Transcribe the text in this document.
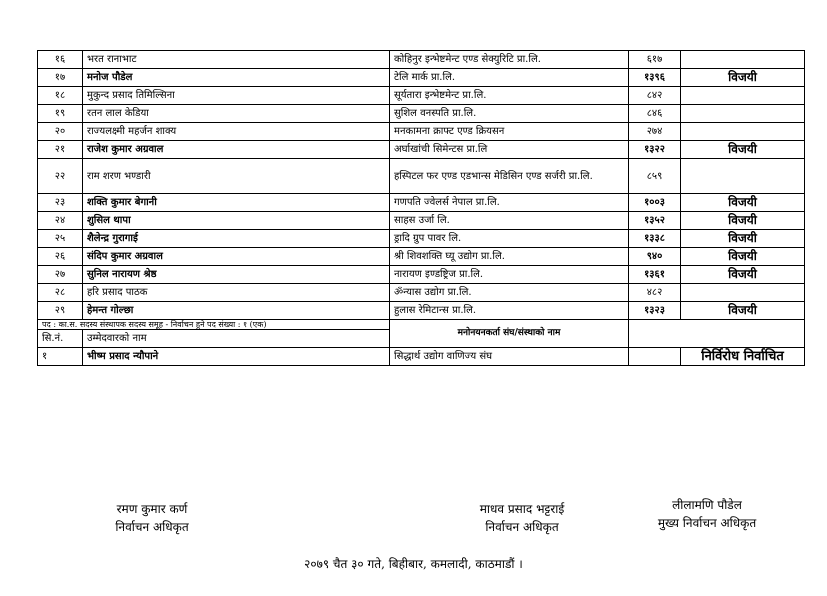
१६	भरत रानाभाट	कोहिनुर इन्भेष्टमेन्ट एण्ड सेक्युरिटि प्रा.लि.	६१७	
१७	मनोज पौडेल	टेलि मार्क प्रा.लि.	१३९६	विजयी
१८	मुकुन्द प्रसाद तिमिल्सिना	सूर्यतारा इन्भेष्टमेन्ट प्रा.लि.	८४२	
१९	रतन लाल केडिया	सुशिल वनस्पति प्रा.लि.	८४६	
२०	राज्यलक्ष्मी महर्जन शाक्य	मनकामना क्राफ्ट एण्ड क्रियसन	२७४	
२१	राजेश कुमार अग्रवाल	अर्घाखांची सिमेन्टस प्रा.लि	१३२२	विजयी
२२	राम शरण भण्डारी	हस्पिटल फर एण्ड एडभान्स मेडिसिन एण्ड सर्जरी प्रा.लि.	८५९	
२३	शक्ति कुमार बेगानी	गणपति ज्वेलर्स नेपाल प्रा.लि.	१००३	विजयी
२४	शुसिल थापा	साहस उर्जा लि.	१३५२	विजयी
२५	शैलेन्द्र गुरागाई	ड्रादि ग्रुप पावर लि.	१३३८	विजयी
२६	संदिप कुमार अग्रवाल	श्री शिवशक्ति घ्यू उद्योग प्रा.लि.	९४०	विजयी
२७	सुनिल नारायण श्रेष्ठ	नारायण इण्डष्ट्रिज प्रा.लि.	१३६१	विजयी
२८	हरि प्रसाद पाठक	ॐन्यास उद्योग प्रा.लि.	४८२	
२९	हेमन्त गोल्छा	हुलास रेमिटान्स प्रा.लि.	१३२३	विजयी
पद : का.स. सदस्य संस्थापक सदस्य समूह - निर्वाचन हुने पद संख्या : १ (एक)		मनोनयनकर्ता संघ/संस्थाको नाम		
सि.नं.	उम्मेदवारको नाम			
१	भीष्म प्रसाद न्यौपाने	सिद्धार्थ उद्योग वाणिज्य संघ		निर्विरोध निर्वाचित
रमण कुमार कर्ण
निर्वाचन अधिकृत
माधव प्रसाद भट्टराई
निर्वाचन अधिकृत
लीलामणि पौडेल
मुख्य निर्वाचन अधिकृत
२०७९ चैत ३० गते, बिहीबार, कमलादी, काठमाडौं ।
